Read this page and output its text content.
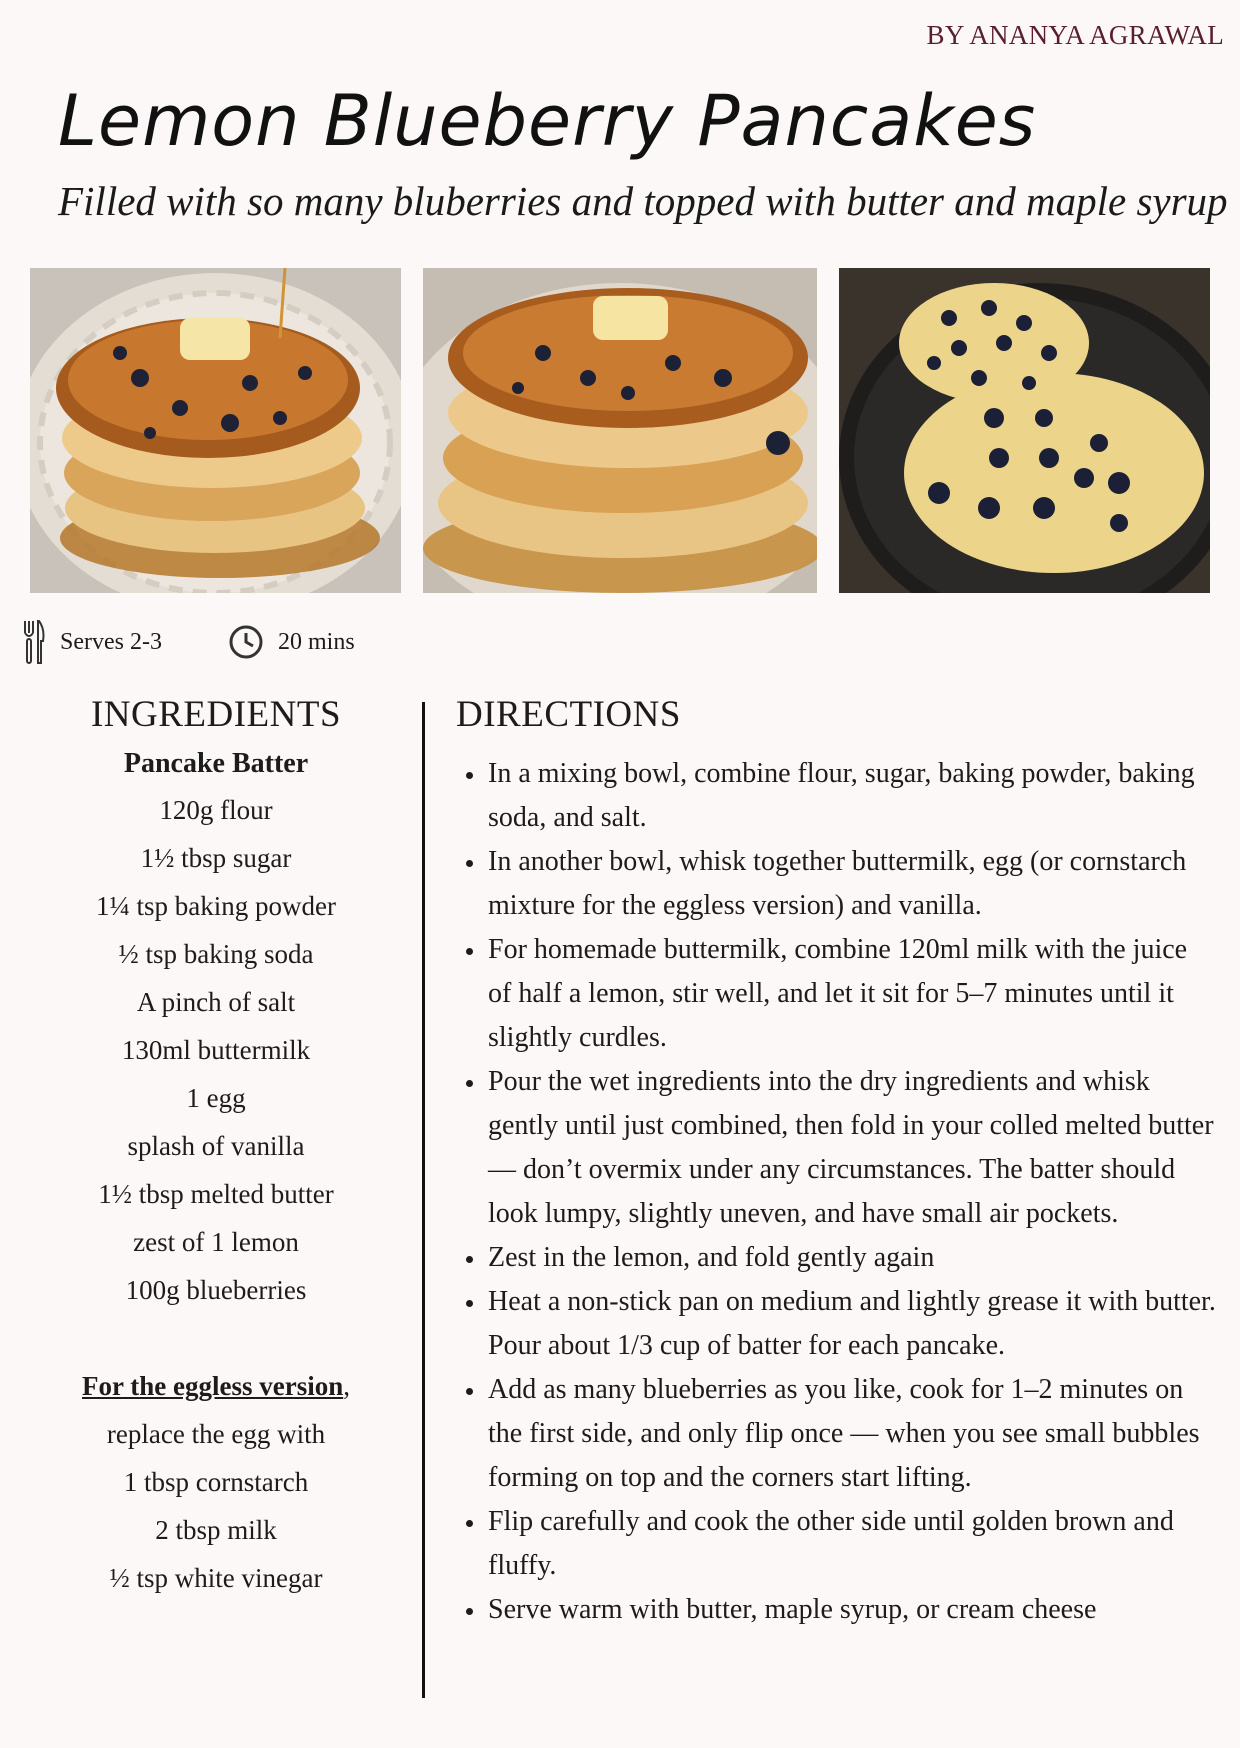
BY ANANYA AGRAWAL
Lemon Blueberry Pancakes

Filled with so many bluberries and topped with butter and maple syrup

Serves 2-3	20 mins
INGREDIENTS
Pancake Batter
120g flour
1½ tbsp sugar
1¼ tsp baking powder
½ tsp baking soda
A pinch of salt
130ml buttermilk
1 egg
splash of vanilla
1½ tbsp melted butter
zest of 1 lemon
100g blueberries
For the eggless version,
replace the egg with
1 tbsp cornstarch
2 tbsp milk
½ tsp white vinegar
DIRECTIONS
• In a mixing bowl, combine flour, sugar, baking powder, baking soda, and salt.
• In another bowl, whisk together buttermilk, egg (or cornstarch mixture for the eggless version) and vanilla.
• For homemade buttermilk, combine 120ml milk with the juice of half a lemon, stir well, and let it sit for 5–7 minutes until it slightly curdles.
• Pour the wet ingredients into the dry ingredients and whisk gently until just combined, then fold in your colled melted butter— don’t overmix under any circumstances. The batter should look lumpy, slightly uneven, and have small air pockets.
• Zest in the lemon, and fold gently again
• Heat a non-stick pan on medium and lightly grease it with butter. Pour about 1/3 cup of batter for each pancake.
• Add as many blueberries as you like, cook for 1–2 minutes on the first side, and only flip once — when you see small bubbles forming on top and the corners start lifting.
• Flip carefully and cook the other side until golden brown and fluffy.
• Serve warm with butter, maple syrup, or cream cheese
